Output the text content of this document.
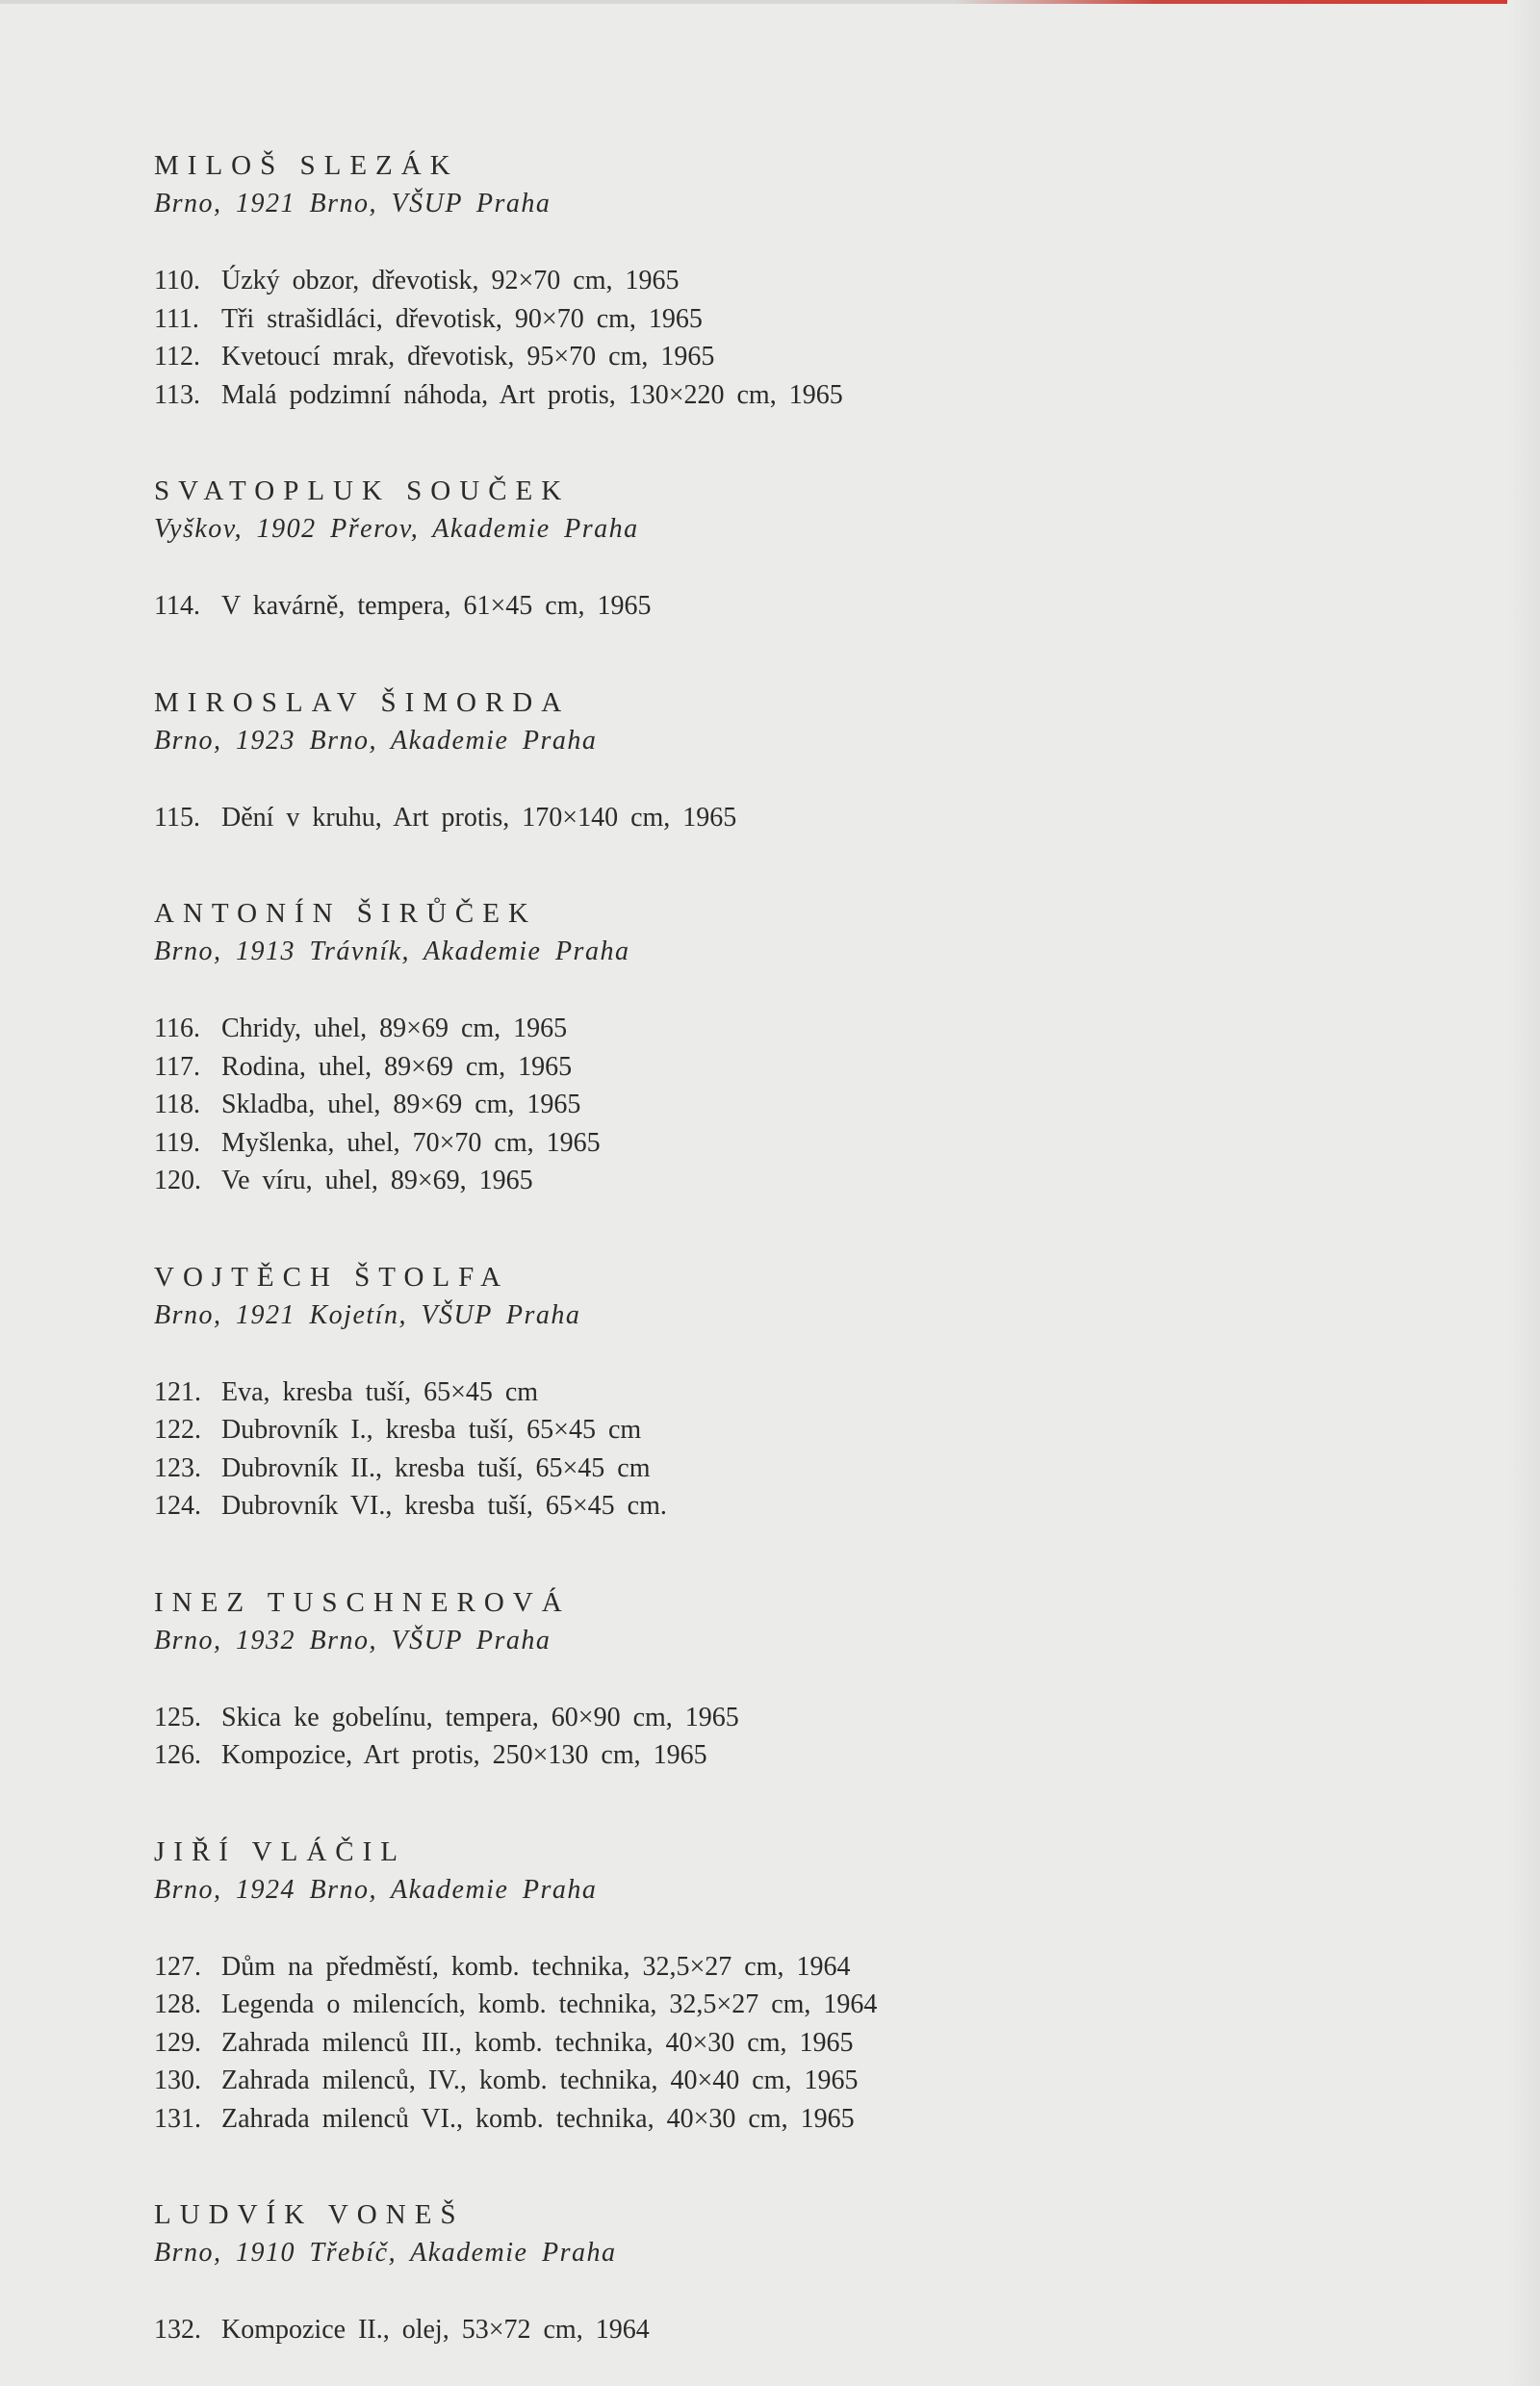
MILOŠ SLEZÁK
Brno, 1921 Brno, VŠUP Praha
110. Úzký obzor, dřevotisk, 92×70 cm, 1965
111. Tři strašidláci, dřevotisk, 90×70 cm, 1965
112. Kvetoucí mrak, dřevotisk, 95×70 cm, 1965
113. Malá podzimní náhoda, Art protis, 130×220 cm, 1965
SVATOPLUK SOUČEK
Vyškov, 1902 Přerov, Akademie Praha
114. V kavárně, tempera, 61×45 cm, 1965
MIROSLAV ŠIMORDA
Brno, 1923 Brno, Akademie Praha
115. Dění v kruhu, Art protis, 170×140 cm, 1965
ANTONÍN ŠIRŮČEK
Brno, 1913 Trávník, Akademie Praha
116. Chridy, uhel, 89×69 cm, 1965
117. Rodina, uhel, 89×69 cm, 1965
118. Skladba, uhel, 89×69 cm, 1965
119. Myšlenka, uhel, 70×70 cm, 1965
120. Ve víru, uhel, 89×69, 1965
VOJTĚCH ŠTOLFA
Brno, 1921 Kojetín, VŠUP Praha
121. Eva, kresba tuší, 65×45 cm
122. Dubrovník I., kresba tuší, 65×45 cm
123. Dubrovník II., kresba tuší, 65×45 cm
124. Dubrovník VI., kresba tuší, 65×45 cm.
INEZ TUSCHNEROVÁ
Brno, 1932 Brno, VŠUP Praha
125. Skica ke gobelínu, tempera, 60×90 cm, 1965
126. Kompozice, Art protis, 250×130 cm, 1965
JIŘÍ VLÁČIL
Brno, 1924 Brno, Akademie Praha
127. Dům na předměstí, komb. technika, 32,5×27 cm, 1964
128. Legenda o milencích, komb. technika, 32,5×27 cm, 1964
129. Zahrada milenců III., komb. technika, 40×30 cm, 1965
130. Zahrada milenců, IV., komb. technika, 40×40 cm, 1965
131. Zahrada milenců VI., komb. technika, 40×30 cm, 1965
LUDVÍK VONEŠ
Brno, 1910 Třebíč, Akademie Praha
132. Kompozice II., olej, 53×72 cm, 1964
